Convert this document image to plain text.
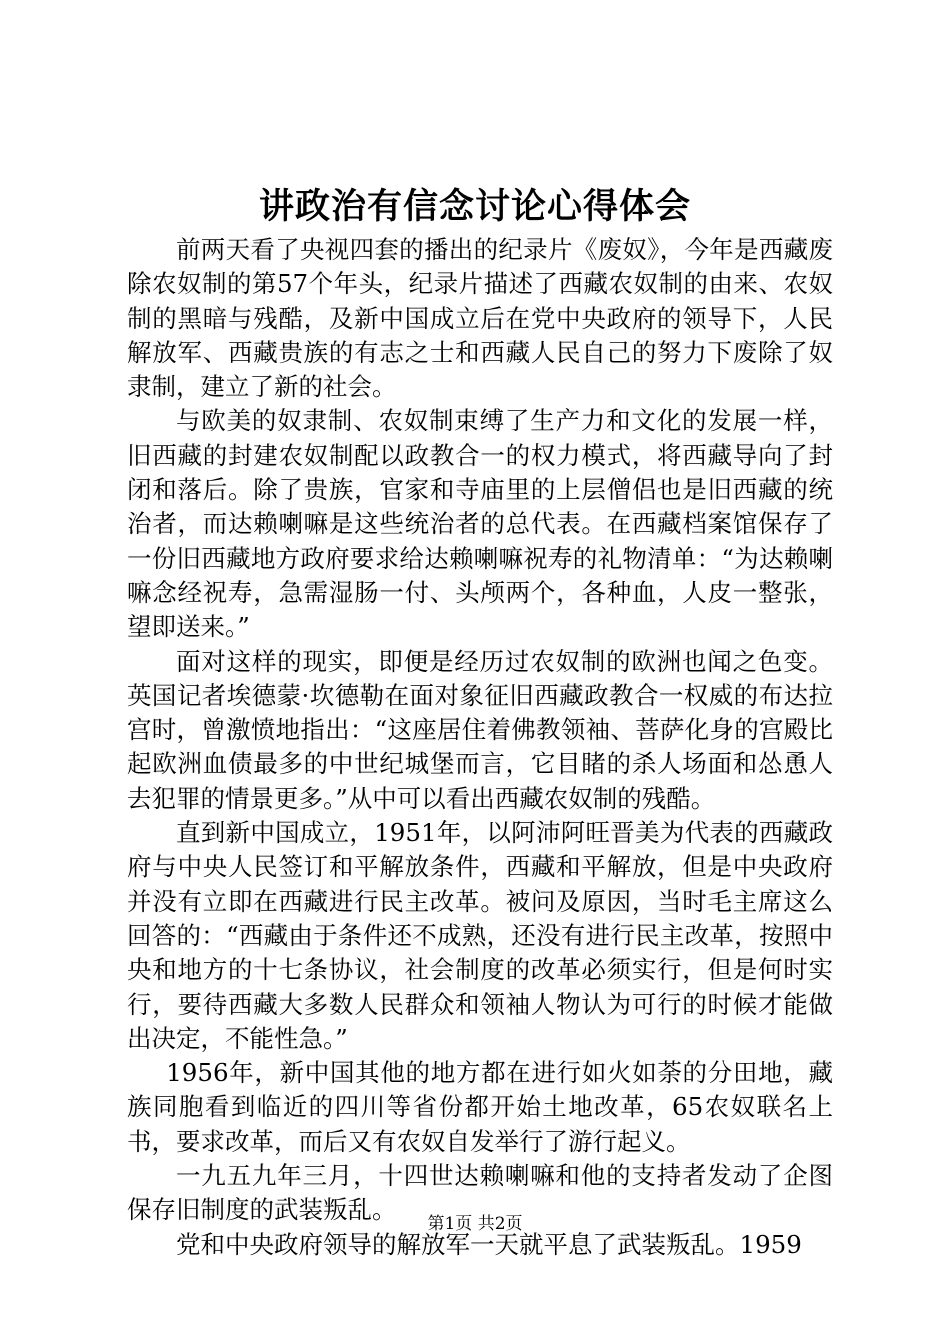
讲政治有信念讨论心得体会

前两天看了央视四套的播出的纪录片《废奴》，今年是西藏废除农奴制的第57个年头，纪录片描述了西藏农奴制的由来、农奴制的黑暗与残酷，及新中国成立后在党中央政府的领导下，人民解放军、西藏贵族的有志之士和西藏人民自己的努力下废除了奴隶制，建立了新的社会。

与欧美的奴隶制、农奴制束缚了生产力和文化的发展一样，旧西藏的封建农奴制配以政教合一的权力模式，将西藏导向了封闭和落后。除了贵族，官家和寺庙里的上层僧侣也是旧西藏的统治者，而达赖喇嘛是这些统治者的总代表。在西藏档案馆保存了一份旧西藏地方政府要求给达赖喇嘛祝寿的礼物清单：“为达赖喇嘛念经祝寿，急需湿肠一付、头颅两个，各种血，人皮一整张，望即送来。”

面对这样的现实，即便是经历过农奴制的欧洲也闻之色变。英国记者埃德蒙·坎德勒在面对象征旧西藏政教合一权威的布达拉宫时，曾激愤地指出：“这座居住着佛教领袖、菩萨化身的宫殿比起欧洲血债最多的中世纪城堡而言，它目睹的杀人场面和怂恿人去犯罪的情景更多。”从中可以看出西藏农奴制的残酷。

直到新中国成立，1951年，以阿沛阿旺晋美为代表的西藏政府与中央人民签订和平解放条件，西藏和平解放，但是中央政府并没有立即在西藏进行民主改革。被问及原因，当时毛主席这么回答的：“西藏由于条件还不成熟，还没有进行民主改革，按照中央和地方的十七条协议，社会制度的改革必须实行，但是何时实行，要待西藏大多数人民群众和领袖人物认为可行的时候才能做出决定，不能性急。”

1956年，新中国其他的地方都在进行如火如荼的分田地，藏族同胞看到临近的四川等省份都开始土地改革，65农奴联名上书，要求改革，而后又有农奴自发举行了游行起义。

一九五九年三月，十四世达赖喇嘛和他的支持者发动了企图保存旧制度的武装叛乱。

党和中央政府领导的解放军一天就平息了武装叛乱。1959

第1页 共2页
